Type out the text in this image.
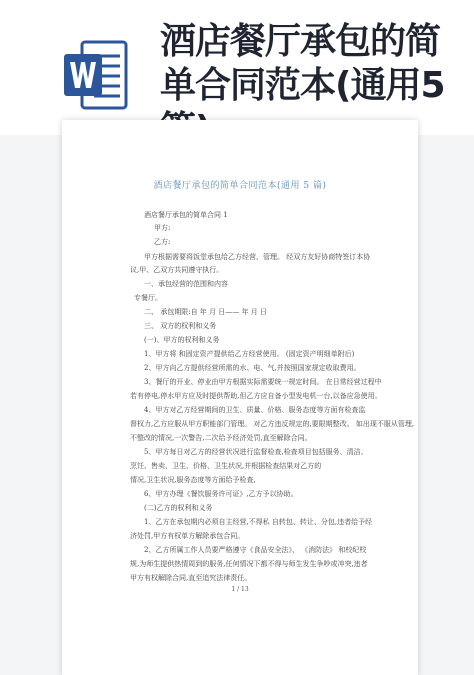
酒店餐厅承包的简
单合同范本(通用5
酒店餐厅承包的简单合同范本(通用 5 篇)
酒店餐厅承包的简单合同 1
甲方:
乙方:
甲方根据需要将饭堂承包给乙方经营、管理。 经双方友好协商特签订本协
议,甲、乙双方共同遵守执行。
一、承包经营的范围和内容
专餐厅。
二、 承包期限:自 年 月 日—— 年 月 日
三、 双方的权利和义务
(一)、甲方的权利和义务
1、甲方将 和固定资产提供给乙方经营使用。 (固定资产明细单附后)
2、甲方向乙方提供经营所需的水、电、气,并按照国家规定收取费用。
3、餐厅的开业、停业由甲方根据实际需要统一规定时间。 在日常经营过程中
若有停电,停水甲方应及时提供帮助,但乙方应自备小型发电机一台,以备应急使用。
4、甲方对乙方经营期间的卫生、质量、价格、服务态度等方面有检查监
督权力,乙方应服从甲方职能部门管理。 对乙方违反规定的,要限期整改。 如出现不服从管理,
不整改的情况,一次警告,二次给予经济处罚,直至解除合同。
5、甲方每日对乙方的经营状况进行监督检查,检查项目包括服务、清洁、
烹饪、售卖、卫生、价格、卫生状况,并根据检查结果对乙方的
情况,卫生状况,服务态度等方面给予检查,
6、甲方办理《餐饮服务许可证》,乙方予以协助。
(二)乙方的权利和义务
1、乙方在承包期内必须自主经营,不得私 自转包、转让、分包,违者给予经
济处罚,甲方有权单方解除承包合同。
2、乙方所属工作人员要严格遵守《食品安全法》、 《消防法》 和校纪校
规,为师生提供热情周到的服务,任何情况下都不得与师生发生争吵或冲突,违者
甲方有权解除合同,直至追究法律责任。
1 / 13
